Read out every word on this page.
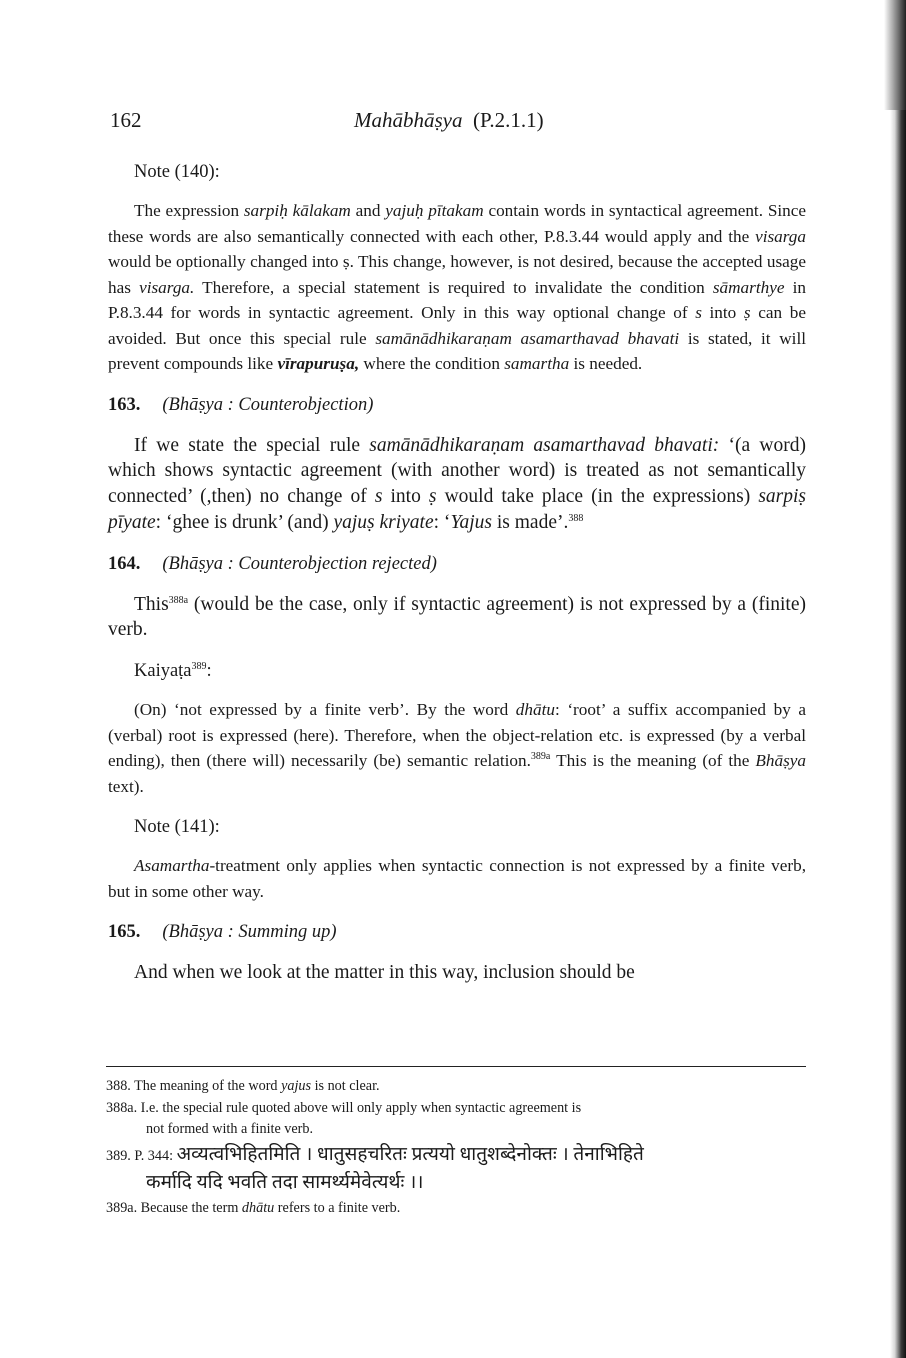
162	Mahābhāṣya (P.2.1.1)
Note (140):

The expression sarpiḥ kālakam and yajuḥ pītakam contain words in syntactical agreement. Since these words are also semantically connected with each other, P.8.3.44 would apply and the visarga would be optionally changed into ṣ. This change, however, is not desired, because the accepted usage has visarga. Therefore, a special statement is required to invalidate the condition sāmarthye in P.8.3.44 for words in syntactic agreement. Only in this way optional change of s into ṣ can be avoided. But once this special rule samānādhikaraṇam asamarthavad bhavati is stated, it will prevent compounds like vīrapuruṣa, where the condition samartha is needed.

163. (Bhāṣya : Counterobjection)

If we state the special rule samānādhikaraṇam asamarthavad bhavati: ‘(a word) which shows syntactic agreement (with another word) is treated as not semantically connected’ (,then) no change of s into ṣ would take place (in the expressions) sarpiṣ pīyate: ‘ghee is drunk’ (and) yajuṣ kriyate: ‘Yajus is made’.$^{388}$

164. (Bhāṣya : Counterobjection rejected)

This$^{388a}$ (would be the case, only if syntactic agreement) is not expressed by a (finite) verb.

Kaiyaṭa$^{389}$:

(On) ‘not expressed by a finite verb’. By the word dhātu: ‘root’ a suffix accompanied by a (verbal) root is expressed (here). Therefore, when the object-relation etc. is expressed (by a verbal ending), then (there will) necessarily (be) semantic relation.$^{389a}$ This is the meaning (of the Bhāṣya text).

Note (141):

Asamartha-treatment only applies when syntactic connection is not expressed by a finite verb, but in some other way.

165. (Bhāṣya : Summing up)

And when we look at the matter in this way, inclusion should be

388. The meaning of the word yajus is not clear.
388a. I.e. the special rule quoted above will only apply when syntactic agreement is
not formed with a finite verb.
389. P. 344: अव्यत्वभिहितमिति । धातुसहचरितः प्रत्ययो धातुशब्देनोक्तः । तेनाभिहिते
कर्मादि यदि भवति तदा सामर्थ्यमेवेत्यर्थः ।।
389a. Because the term dhātu refers to a finite verb.
